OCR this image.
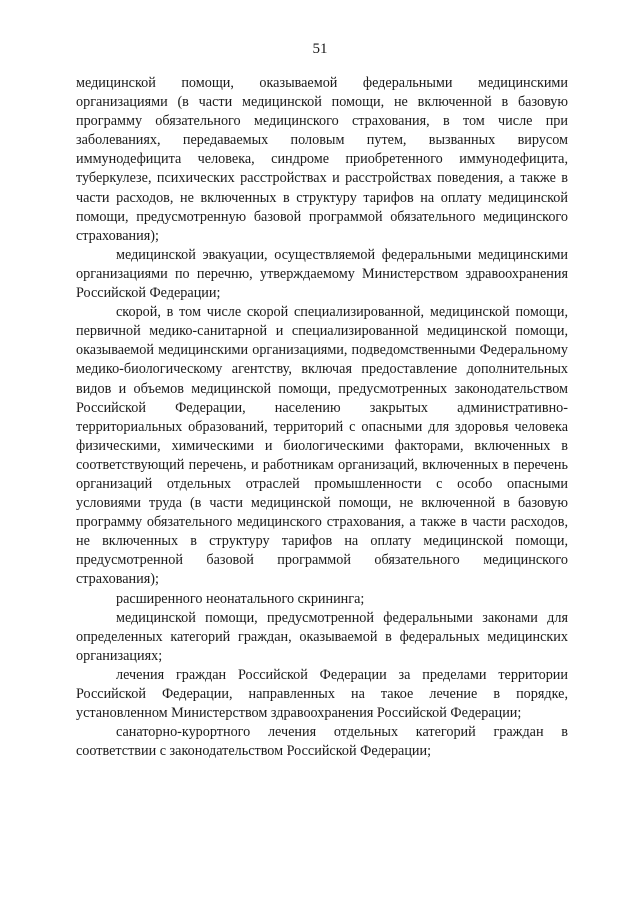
51

медицинской помощи, оказываемой федеральными медицинскими организациями (в части медицинской помощи, не включенной в базовую программу обязательного медицинского страхования, в том числе при заболеваниях, передаваемых половым путем, вызванных вирусом иммунодефицита человека, синдроме приобретенного иммунодефицита, туберкулезе, психических расстройствах и расстройствах поведения, а также в части расходов, не включенных в структуру тарифов на оплату медицинской помощи, предусмотренную базовой программой обязательного медицинского страхования);

медицинской эвакуации, осуществляемой федеральными медицинскими организациями по перечню, утверждаемому Министерством здравоохранения Российской Федерации;

скорой, в том числе скорой специализированной, медицинской помощи, первичной медико-санитарной и специализированной медицинской помощи, оказываемой медицинскими организациями, подведомственными Федеральному медико-биологическому агентству, включая предоставление дополнительных видов и объемов медицинской помощи, предусмотренных законодательством Российской Федерации, населению закрытых административно-территориальных образований, территорий с опасными для здоровья человека физическими, химическими и биологическими факторами, включенных в соответствующий перечень, и работникам организаций, включенных в перечень организаций отдельных отраслей промышленности с особо опасными условиями труда (в части медицинской помощи, не включенной в базовую программу обязательного медицинского страхования, а также в части расходов, не включенных в структуру тарифов на оплату медицинской помощи, предусмотренной базовой программой обязательного медицинского страхования);

расширенного неонатального скрининга;

медицинской помощи, предусмотренной федеральными законами для определенных категорий граждан, оказываемой в федеральных медицинских организациях;

лечения граждан Российской Федерации за пределами территории Российской Федерации, направленных на такое лечение в порядке, установленном Министерством здравоохранения Российской Федерации;

санаторно-курортного лечения отдельных категорий граждан в соответствии с законодательством Российской Федерации;
